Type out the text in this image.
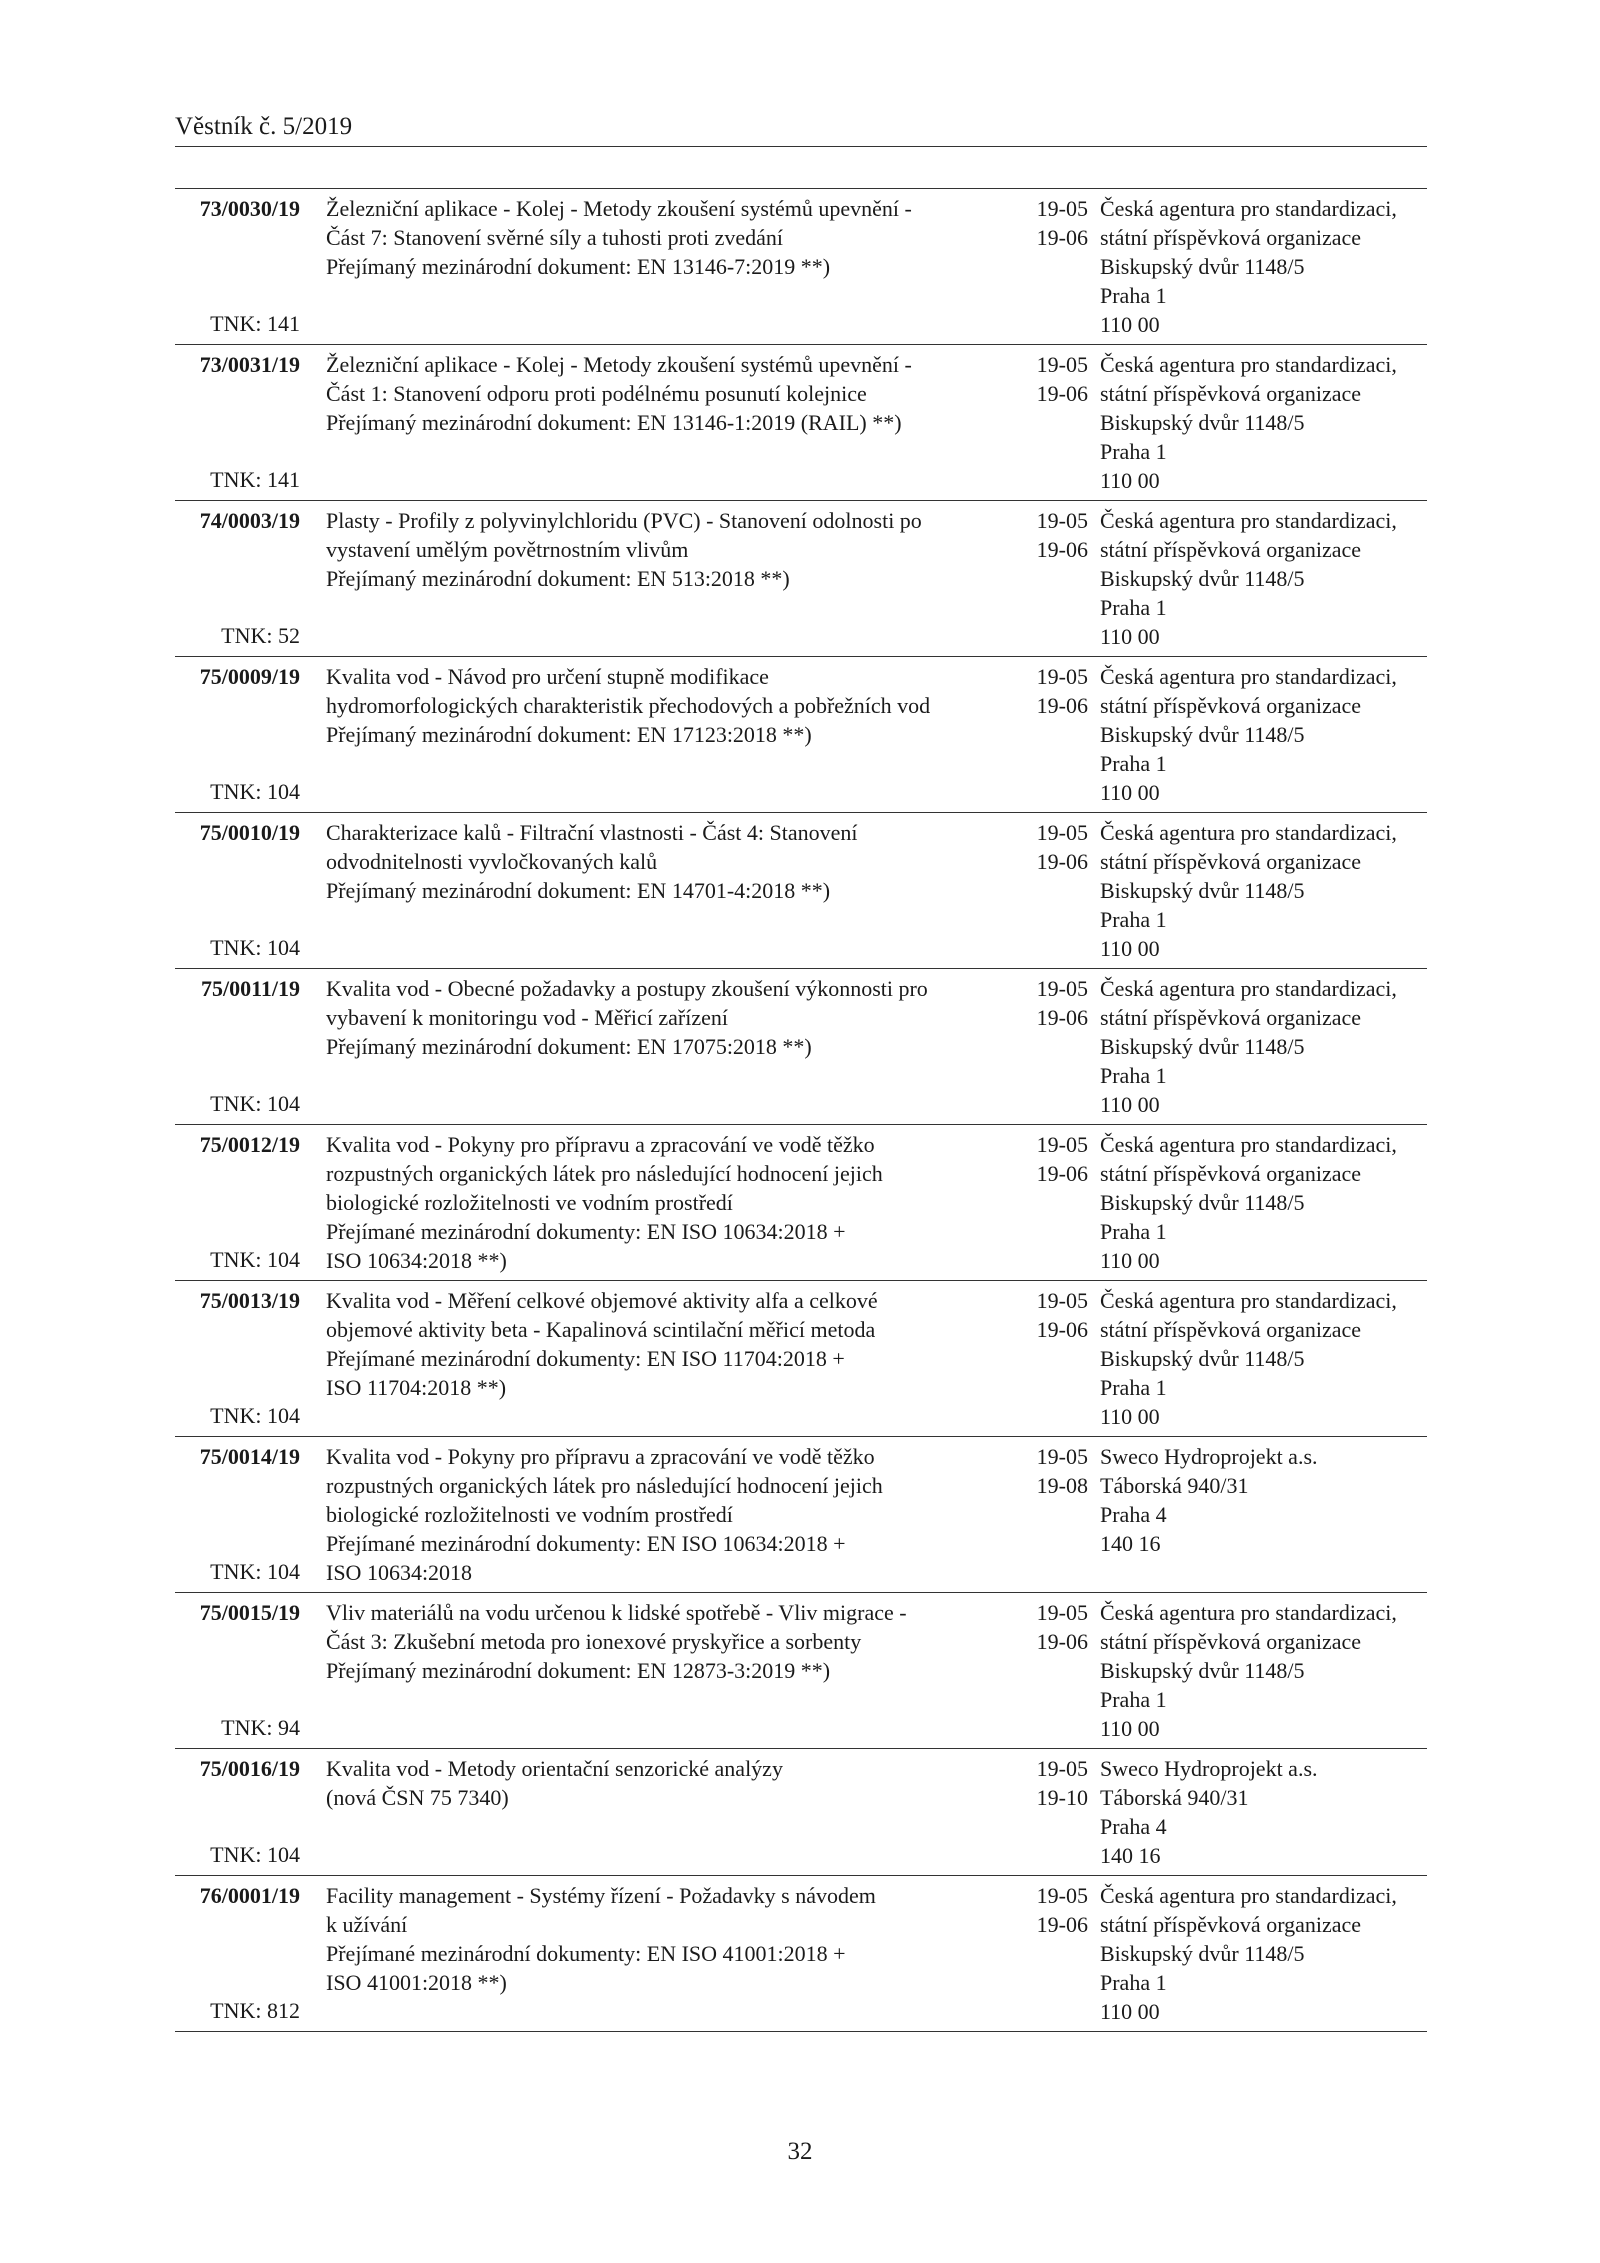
Věstník č. 5/2019
73/0030/19
TNK: 141
Železniční aplikace - Kolej - Metody zkoušení systémů upevnění -
Část 7: Stanovení svěrné síly a tuhosti proti zvedání
Přejímaný mezinárodní dokument: EN 13146-7:2019 **)
19-05
19-06
Česká agentura pro standardizaci,
státní příspěvková organizace
Biskupský dvůr 1148/5
Praha 1
110 00
73/0031/19
TNK: 141
Železniční aplikace - Kolej - Metody zkoušení systémů upevnění -
Část 1: Stanovení odporu proti podélnému posunutí kolejnice
Přejímaný mezinárodní dokument: EN 13146-1:2019 (RAIL) **)
19-05
19-06
Česká agentura pro standardizaci,
státní příspěvková organizace
Biskupský dvůr 1148/5
Praha 1
110 00
74/0003/19
TNK: 52
Plasty - Profily z polyvinylchloridu (PVC) - Stanovení odolnosti po
vystavení umělým povětrnostním vlivům
Přejímaný mezinárodní dokument: EN 513:2018 **)
19-05
19-06
Česká agentura pro standardizaci,
státní příspěvková organizace
Biskupský dvůr 1148/5
Praha 1
110 00
75/0009/19
TNK: 104
Kvalita vod - Návod pro určení stupně modifikace
hydromorfologických charakteristik přechodových a pobřežních vod
Přejímaný mezinárodní dokument: EN 17123:2018 **)
19-05
19-06
Česká agentura pro standardizaci,
státní příspěvková organizace
Biskupský dvůr 1148/5
Praha 1
110 00
75/0010/19
TNK: 104
Charakterizace kalů - Filtrační vlastnosti - Část 4: Stanovení
odvodnitelnosti vyvločkovaných kalů
Přejímaný mezinárodní dokument: EN 14701-4:2018 **)
19-05
19-06
Česká agentura pro standardizaci,
státní příspěvková organizace
Biskupský dvůr 1148/5
Praha 1
110 00
75/0011/19
TNK: 104
Kvalita vod - Obecné požadavky a postupy zkoušení výkonnosti pro
vybavení k monitoringu vod - Měřicí zařízení
Přejímaný mezinárodní dokument: EN 17075:2018 **)
19-05
19-06
Česká agentura pro standardizaci,
státní příspěvková organizace
Biskupský dvůr 1148/5
Praha 1
110 00
75/0012/19
TNK: 104
Kvalita vod - Pokyny pro přípravu a zpracování ve vodě těžko
rozpustných organických látek pro následující hodnocení jejich
biologické rozložitelnosti ve vodním prostředí
Přejímané mezinárodní dokumenty: EN ISO 10634:2018 +
ISO 10634:2018 **)
19-05
19-06
Česká agentura pro standardizaci,
státní příspěvková organizace
Biskupský dvůr 1148/5
Praha 1
110 00
75/0013/19
TNK: 104
Kvalita vod - Měření celkové objemové aktivity alfa a celkové
objemové aktivity beta - Kapalinová scintilační měřicí metoda
Přejímané mezinárodní dokumenty: EN ISO 11704:2018 +
ISO 11704:2018 **)
19-05
19-06
Česká agentura pro standardizaci,
státní příspěvková organizace
Biskupský dvůr 1148/5
Praha 1
110 00
75/0014/19
TNK: 104
Kvalita vod - Pokyny pro přípravu a zpracování ve vodě těžko
rozpustných organických látek pro následující hodnocení jejich
biologické rozložitelnosti ve vodním prostředí
Přejímané mezinárodní dokumenty: EN ISO 10634:2018 +
ISO 10634:2018
19-05
19-08
Sweco Hydroprojekt a.s.
Táborská 940/31
Praha 4
140 16
75/0015/19
TNK: 94
Vliv materiálů na vodu určenou k lidské spotřebě - Vliv migrace -
Část 3: Zkušební metoda pro ionexové pryskyřice a sorbenty
Přejímaný mezinárodní dokument: EN 12873-3:2019 **)
19-05
19-06
Česká agentura pro standardizaci,
státní příspěvková organizace
Biskupský dvůr 1148/5
Praha 1
110 00
75/0016/19
TNK: 104
Kvalita vod - Metody orientační senzorické analýzy
(nová ČSN 75 7340)
19-05
19-10
Sweco Hydroprojekt a.s.
Táborská 940/31
Praha 4
140 16
76/0001/19
TNK: 812
Facility management - Systémy řízení - Požadavky s návodem
k užívání
Přejímané mezinárodní dokumenty: EN ISO 41001:2018 +
ISO 41001:2018 **)
19-05
19-06
Česká agentura pro standardizaci,
státní příspěvková organizace
Biskupský dvůr 1148/5
Praha 1
110 00
32
